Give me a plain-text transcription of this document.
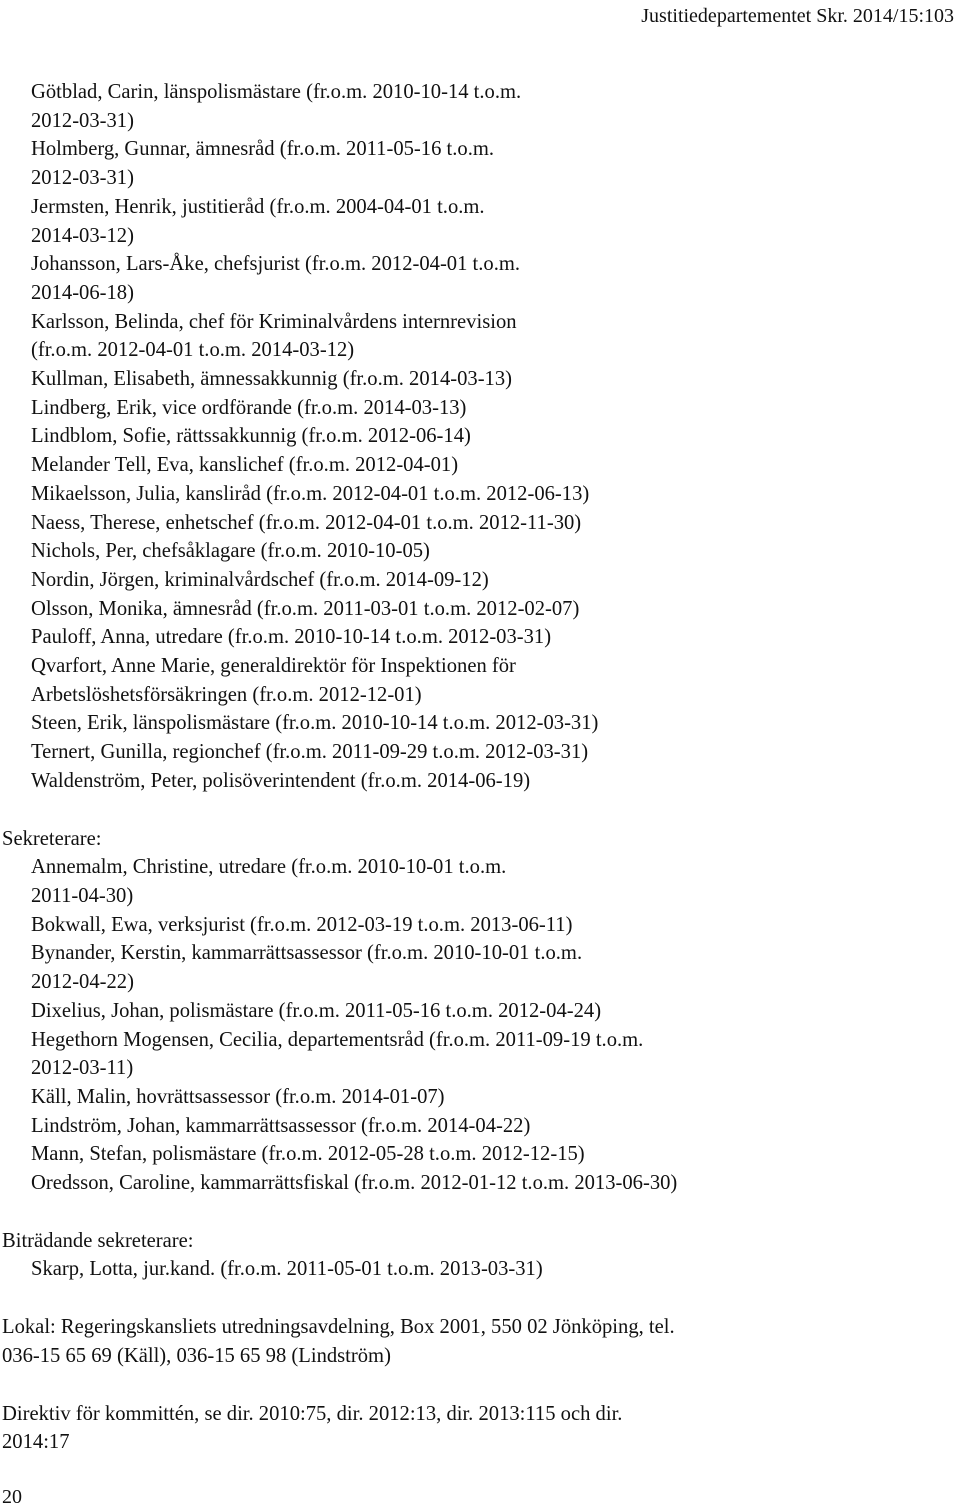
Justitiedepartementet Skr. 2014/15:103
Götblad, Carin, länspolismästare (fr.o.m. 2010-10-14 t.o.m.
2012-03-31)
Holmberg, Gunnar, ämnesråd (fr.o.m. 2011-05-16 t.o.m.
2012-03-31)
Jermsten, Henrik, justitieråd (fr.o.m. 2004-04-01 t.o.m.
2014-03-12)
Johansson, Lars-Åke, chefsjurist (fr.o.m. 2012-04-01 t.o.m.
2014-06-18)
Karlsson, Belinda, chef för Kriminalvårdens internrevision
(fr.o.m. 2012-04-01 t.o.m. 2014-03-12)
Kullman, Elisabeth, ämnessakkunnig (fr.o.m. 2014-03-13)
Lindberg, Erik, vice ordförande (fr.o.m. 2014-03-13)
Lindblom, Sofie, rättssakkunnig (fr.o.m. 2012-06-14)
Melander Tell, Eva, kanslichef (fr.o.m. 2012-04-01)
Mikaelsson, Julia, kansliråd (fr.o.m. 2012-04-01 t.o.m. 2012-06-13)
Naess, Therese, enhetschef (fr.o.m. 2012-04-01 t.o.m. 2012-11-30)
Nichols, Per, chefsåklagare (fr.o.m. 2010-10-05)
Nordin, Jörgen, kriminalvårdschef (fr.o.m. 2014-09-12)
Olsson, Monika, ämnesråd (fr.o.m. 2011-03-01 t.o.m. 2012-02-07)
Pauloff, Anna, utredare (fr.o.m. 2010-10-14 t.o.m. 2012-03-31)
Qvarfort, Anne Marie, generaldirektör för Inspektionen för
Arbetslöshetsförsäkringen (fr.o.m. 2012-12-01)
Steen, Erik, länspolismästare (fr.o.m. 2010-10-14 t.o.m. 2012-03-31)
Ternert, Gunilla, regionchef (fr.o.m. 2011-09-29 t.o.m. 2012-03-31)
Waldenström, Peter, polisöverintendent (fr.o.m. 2014-06-19)
Sekreterare:
Annemalm, Christine, utredare (fr.o.m. 2010-10-01 t.o.m.
2011-04-30)
Bokwall, Ewa, verksjurist (fr.o.m. 2012-03-19 t.o.m. 2013-06-11)
Bynander, Kerstin, kammarrättsassessor (fr.o.m. 2010-10-01 t.o.m.
2012-04-22)
Dixelius, Johan, polismästare (fr.o.m. 2011-05-16 t.o.m. 2012-04-24)
Hegethorn Mogensen, Cecilia, departementsråd (fr.o.m. 2011-09-19 t.o.m.
2012-03-11)
Käll, Malin, hovrättsassessor (fr.o.m. 2014-01-07)
Lindström, Johan, kammarrättsassessor (fr.o.m. 2014-04-22)
Mann, Stefan, polismästare (fr.o.m. 2012-05-28 t.o.m. 2012-12-15)
Oredsson, Caroline, kammarrättsfiskal (fr.o.m. 2012-01-12 t.o.m. 2013-06-30)
Biträdande sekreterare:
Skarp, Lotta, jur.kand. (fr.o.m. 2011-05-01 t.o.m. 2013-03-31)
Lokal: Regeringskansliets utredningsavdelning, Box 2001, 550 02 Jönköping, tel.
036-15 65 69 (Käll), 036-15 65 98 (Lindström)
Direktiv för kommittén, se dir. 2010:75, dir. 2012:13, dir. 2013:115 och dir.
2014:17
20
